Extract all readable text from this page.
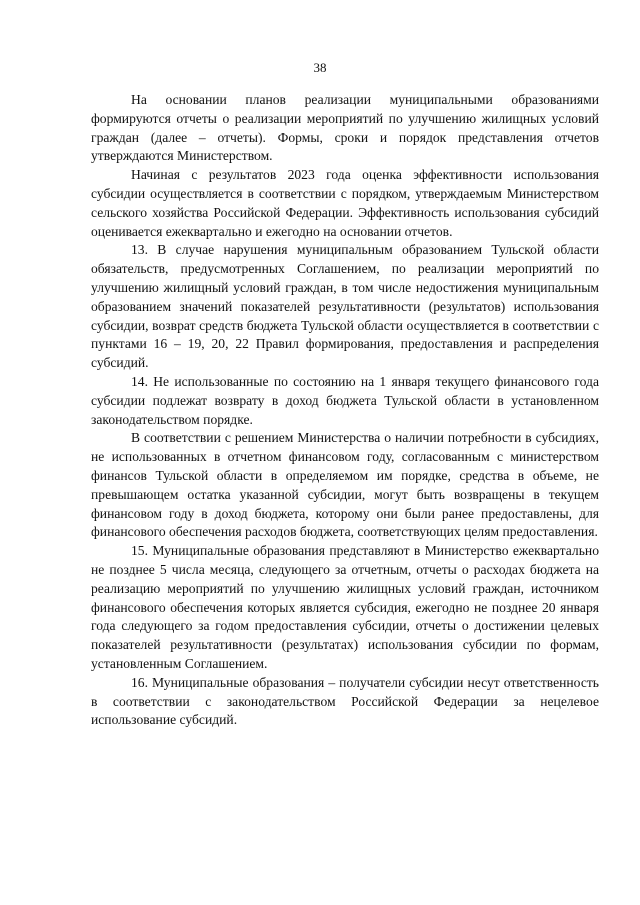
38

На основании планов реализации муниципальными образованиями формируются отчеты о реализации мероприятий по улучшению жилищных условий граждан (далее – отчеты). Формы, сроки и порядок представления отчетов утверждаются Министерством.

Начиная с результатов 2023 года оценка эффективности использования субсидии осуществляется в соответствии с порядком, утверждаемым Министерством сельского хозяйства Российской Федерации. Эффективность использования субсидий оценивается ежеквартально и ежегодно на основании отчетов.

13. В случае нарушения муниципальным образованием Тульской области обязательств, предусмотренных Соглашением, по реализации мероприятий по улучшению жилищный условий граждан, в том числе недостижения муниципальным образованием значений показателей результативности (результатов) использования субсидии, возврат средств бюджета Тульской области осуществляется в соответствии с пунктами 16 – 19, 20, 22 Правил формирования, предоставления и распределения субсидий.

14. Не использованные по состоянию на 1 января текущего финансового года субсидии подлежат возврату в доход бюджета Тульской области в установленном законодательством порядке.

В соответствии с решением Министерства о наличии потребности в субсидиях, не использованных в отчетном финансовом году, согласованным с министерством финансов Тульской области в определяемом им порядке, средства в объеме, не превышающем остатка указанной субсидии, могут быть возвращены в текущем финансовом году в доход бюджета, которому они были ранее предоставлены, для финансового обеспечения расходов бюджета, соответствующих целям предоставления.

15. Муниципальные образования представляют в Министерство ежеквартально не позднее 5 числа месяца, следующего за отчетным, отчеты о расходах бюджета на реализацию мероприятий по улучшению жилищных условий граждан, источником финансового обеспечения которых является субсидия, ежегодно не позднее 20 января года следующего за годом предоставления субсидии, отчеты о достижении целевых показателей результативности (результатах) использования субсидии по формам, установленным Соглашением.

16. Муниципальные образования – получатели субсидии несут ответственность в соответствии с законодательством Российской Федерации за нецелевое использование субсидий.
